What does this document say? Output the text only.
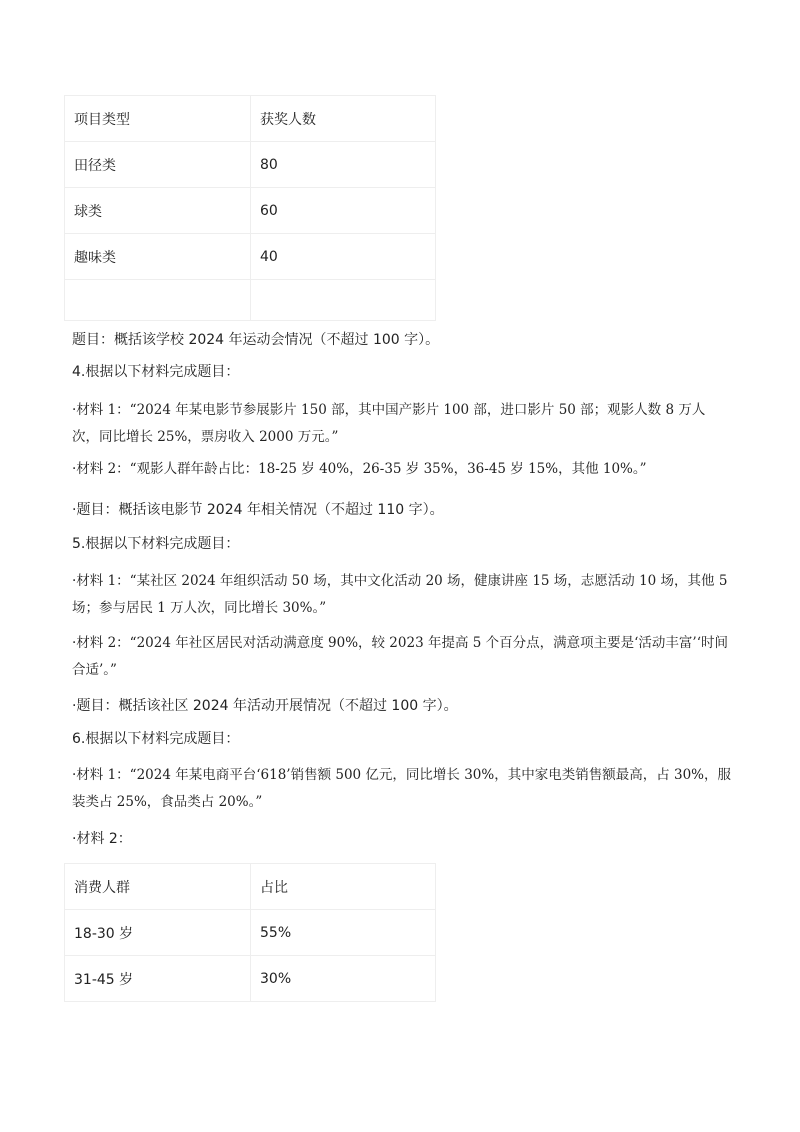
项目类型	获奖人数
田径类	80
球类	60
趣味类	40

题目：概括该学校 2024 年运动会情况（不超过 100 字）。
4.根据以下材料完成题目：
·材料 1：“2024 年某电影节参展影片 150 部，其中国产影片 100 部，进口影片 50 部；观影人数 8 万人次，同比增长 25%，票房收入 2000 万元。”
·材料 2：“观影人群年龄占比：18-25 岁 40%，26-35 岁 35%，36-45 岁 15%，其他 10%。”
·题目：概括该电影节 2024 年相关情况（不超过 110 字）。
5.根据以下材料完成题目：
·材料 1：“某社区 2024 年组织活动 50 场，其中文化活动 20 场，健康讲座 15 场，志愿活动 10 场，其他 5 场；参与居民 1 万人次，同比增长 30%。”
·材料 2：“2024 年社区居民对活动满意度 90%，较 2023 年提高 5 个百分点，满意项主要是‘活动丰富’‘时间合适’。”
·题目：概括该社区 2024 年活动开展情况（不超过 100 字）。
6.根据以下材料完成题目：
·材料 1：“2024 年某电商平台‘618’销售额 500 亿元，同比增长 30%，其中家电类销售额最高，占 30%，服装类占 25%，食品类占 20%。”
·材料 2：
消费人群	占比
18-30 岁	55%
31-45 岁	30%
